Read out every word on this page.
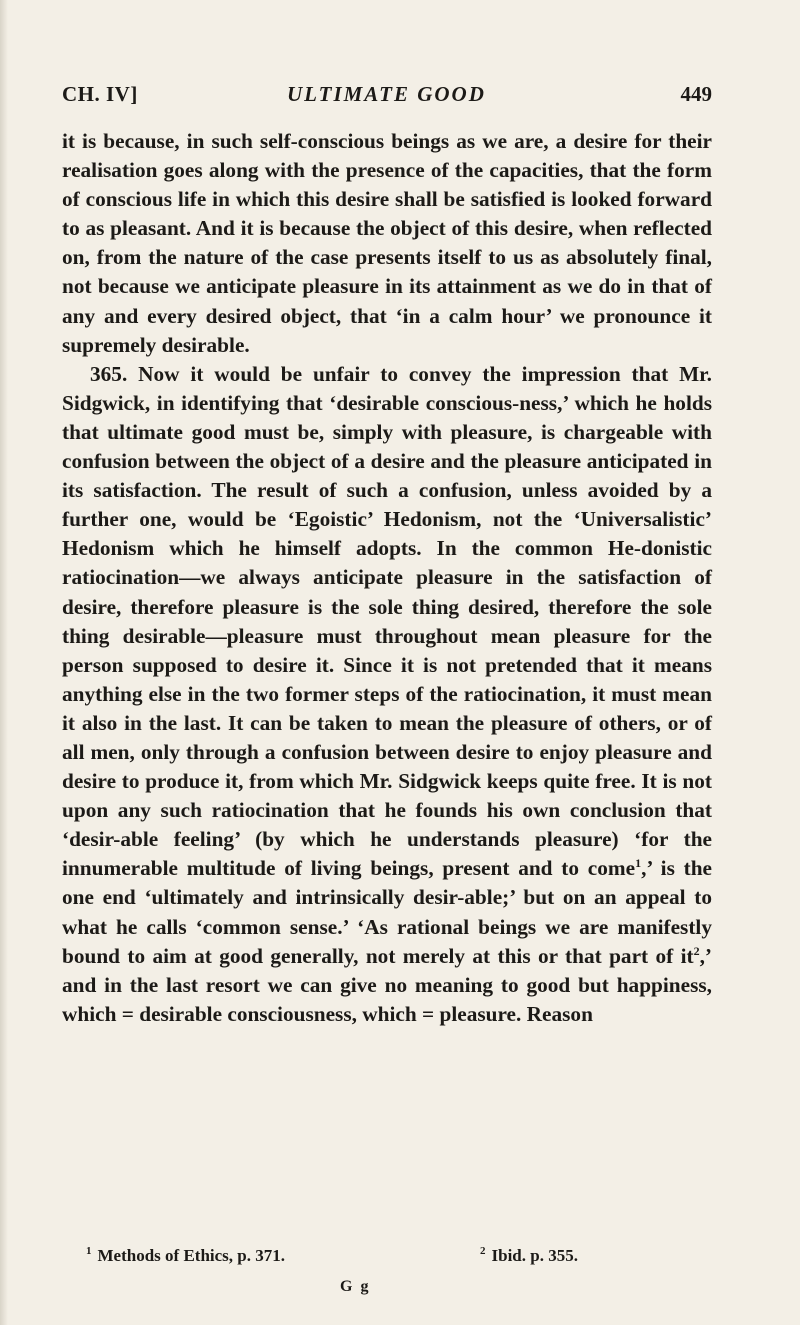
CH. IV]	ULTIMATE GOOD	449

it is because, in such self-conscious beings as we are, a desire for their realisation goes along with the presence of the capacities, that the form of conscious life in which this desire shall be satisfied is looked forward to as pleasant. And it is because the object of this desire, when reflected on, from the nature of the case presents itself to us as absolutely final, not because we anticipate pleasure in its attainment as we do in that of any and every desired object, that ‘in a calm hour’ we pronounce it supremely desirable.

365. Now it would be unfair to convey the impression that Mr. Sidgwick, in identifying that ‘desirable conscious-ness,’ which he holds that ultimate good must be, simply with pleasure, is chargeable with confusion between the object of a desire and the pleasure anticipated in its satisfaction. The result of such a confusion, unless avoided by a further one, would be ‘Egoistic’ Hedonism, not the ‘Universalistic’ Hedonism which he himself adopts. In the common He-donistic ratiocination—we always anticipate pleasure in the satisfaction of desire, therefore pleasure is the sole thing desired, therefore the sole thing desirable—pleasure must throughout mean pleasure for the person supposed to desire it. Since it is not pretended that it means anything else in the two former steps of the ratiocination, it must mean it also in the last. It can be taken to mean the pleasure of others, or of all men, only through a confusion between desire to enjoy pleasure and desire to produce it, from which Mr. Sidgwick keeps quite free. It is not upon any such ratiocination that he founds his own conclusion that ‘desir-able feeling’ (by which he understands pleasure) ‘for the innumerable multitude of living beings, present and to come$^1$,’ is the one end ‘ultimately and intrinsically desir-able;’ but on an appeal to what he calls ‘common sense.’ ‘As rational beings we are manifestly bound to aim at good generally, not merely at this or that part of it$^2$,’ and in the last resort we can give no meaning to good but happiness, which = desirable consciousness, which = pleasure. Reason

$^1$ Methods of Ethics, p. 371.	$^2$ Ibid. p. 355.
G g
